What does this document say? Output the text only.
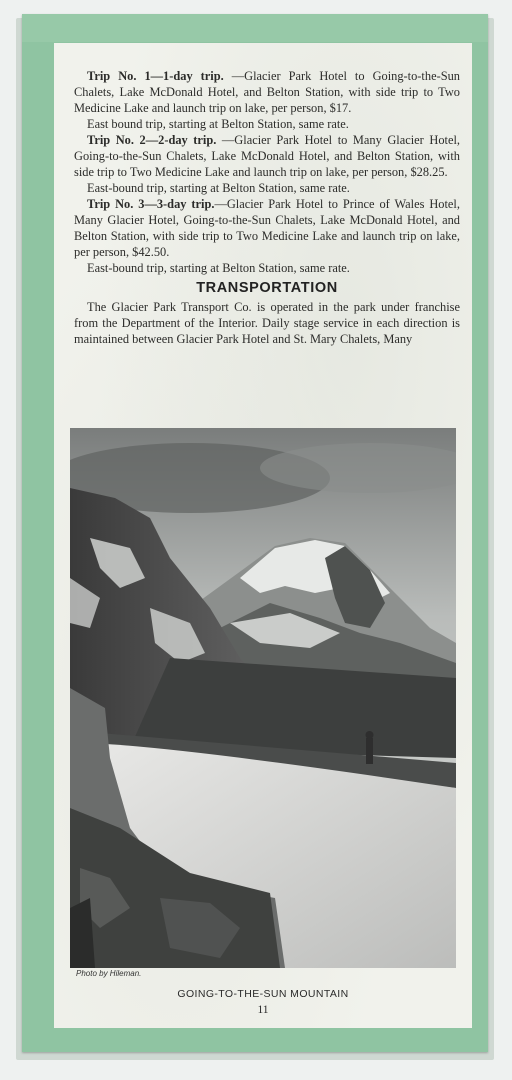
Trip No. 1—1-day trip. —Glacier Park Hotel to Going-to-the-Sun Chalets, Lake McDonald Hotel, and Belton Station, with side trip to Two Medicine Lake and launch trip on lake, per person, $17.

East bound trip, starting at Belton Station, same rate.

Trip No. 2—2-day trip. —Glacier Park Hotel to Many Glacier Hotel, Going-to-the-Sun Chalets, Lake McDonald Hotel, and Belton Station, with side trip to Two Medicine Lake and launch trip on lake, per person, $28.25.

East-bound trip, starting at Belton Station, same rate.

Trip No. 3—3-day trip.—Glacier Park Hotel to Prince of Wales Hotel, Many Glacier Hotel, Going-to-the-Sun Chalets, Lake McDonald Hotel, and Belton Station, with side trip to Two Medicine Lake and launch trip on lake, per person, $42.50.

East-bound trip, starting at Belton Station, same rate.

TRANSPORTATION

The Glacier Park Transport Co. is operated in the park under franchise from the Department of the Interior. Daily stage service in each direction is maintained between Glacier Park Hotel and St. Mary Chalets, Many

Photo by Hileman.
GOING-TO-THE-SUN MOUNTAIN
11
